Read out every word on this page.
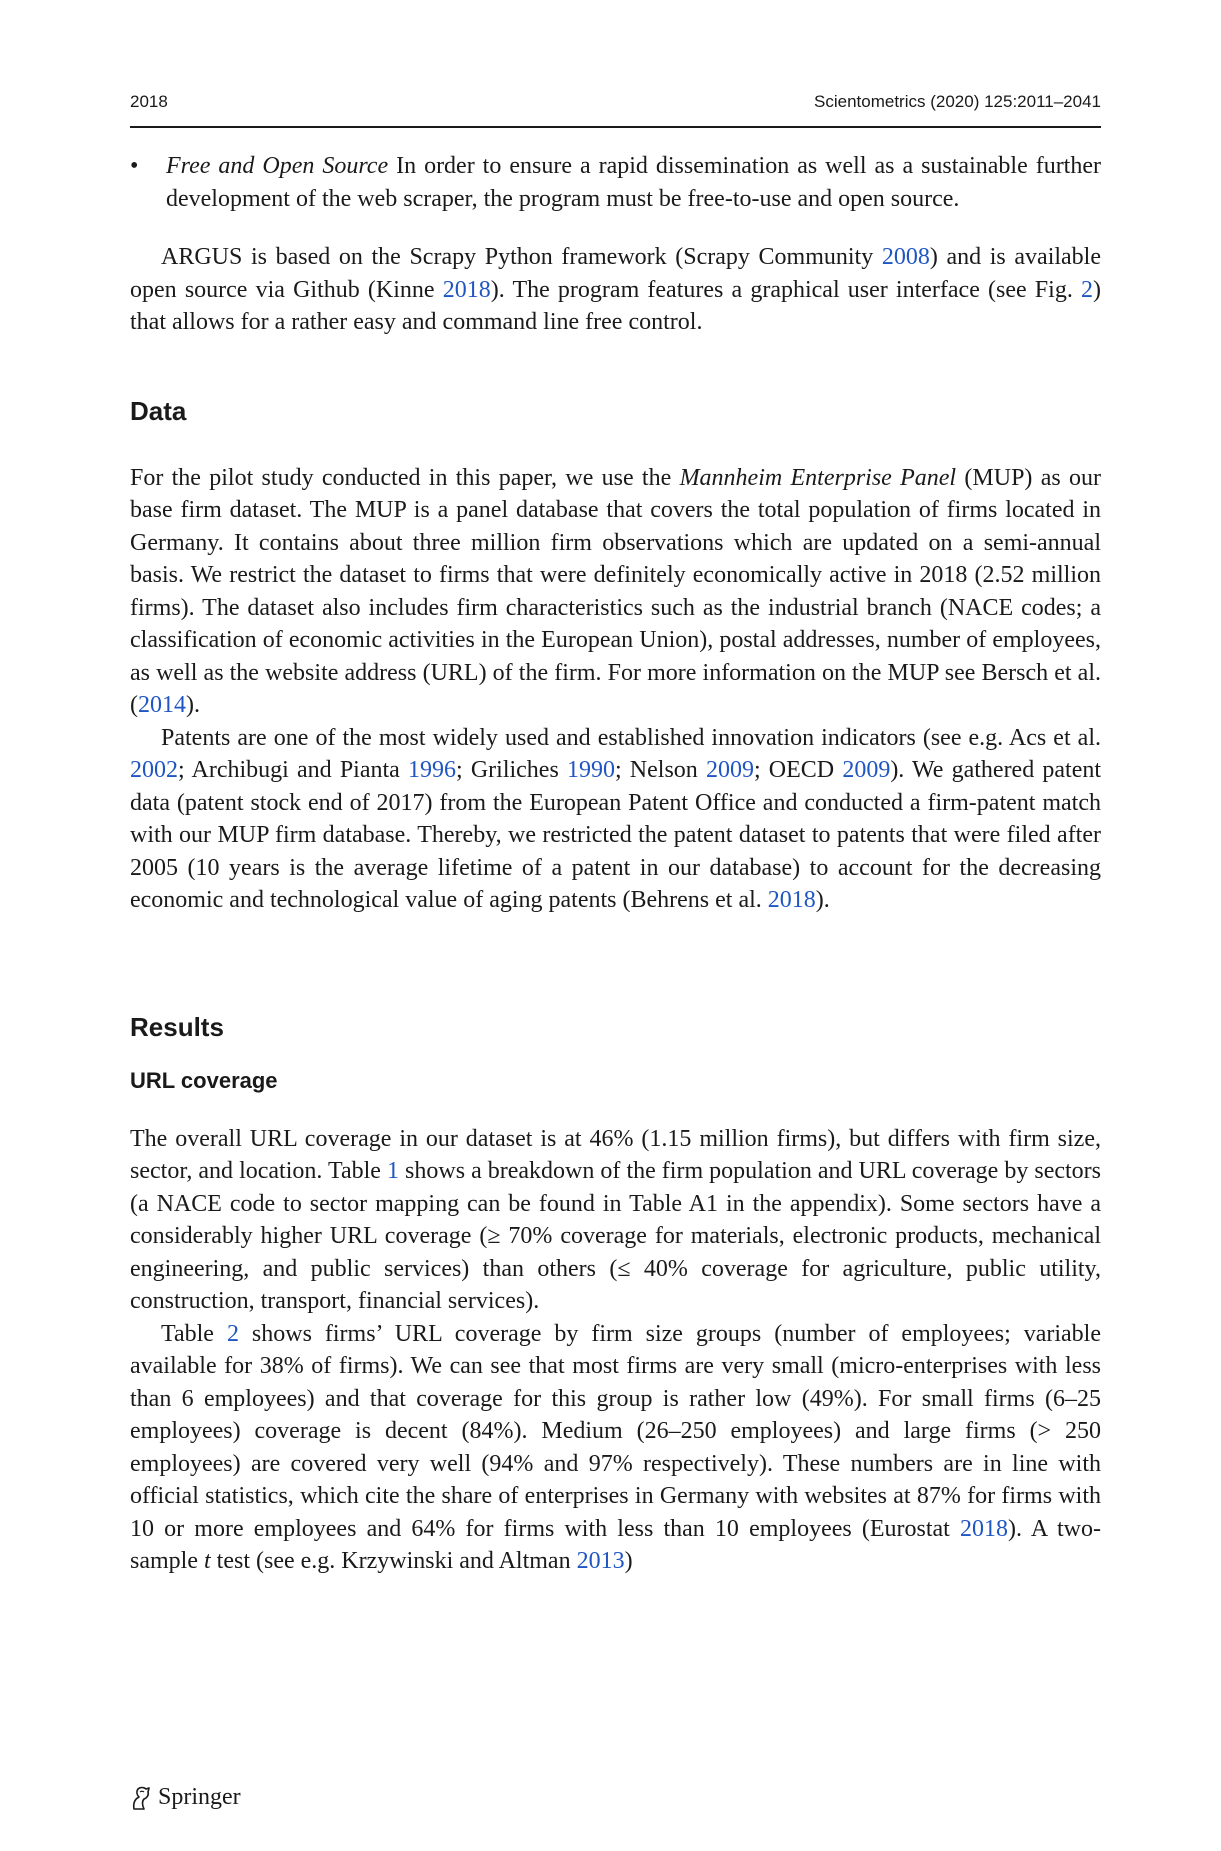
2018	Scientometrics (2020) 125:2011–2041

• Free and Open Source In order to ensure a rapid dissemination as well as a sustainable further development of the web scraper, the program must be free-to-use and open source.

ARGUS is based on the Scrapy Python framework (Scrapy Community 2008) and is available open source via Github (Kinne 2018). The program features a graphical user interface (see Fig. 2) that allows for a rather easy and command line free control.

Data

For the pilot study conducted in this paper, we use the Mannheim Enterprise Panel (MUP) as our base firm dataset. The MUP is a panel database that covers the total population of firms located in Germany. It contains about three million firm observations which are updated on a semi-annual basis. We restrict the dataset to firms that were definitely economically active in 2018 (2.52 million firms). The dataset also includes firm characteristics such as the industrial branch (NACE codes; a classification of economic activities in the European Union), postal addresses, number of employees, as well as the website address (URL) of the firm. For more information on the MUP see Bersch et al. (2014).

Patents are one of the most widely used and established innovation indicators (see e.g. Acs et al. 2002; Archibugi and Pianta 1996; Griliches 1990; Nelson 2009; OECD 2009). We gathered patent data (patent stock end of 2017) from the European Patent Office and conducted a firm-patent match with our MUP firm database. Thereby, we restricted the patent dataset to patents that were filed after 2005 (10 years is the average lifetime of a patent in our database) to account for the decreasing economic and technological value of aging patents (Behrens et al. 2018).

Results
URL coverage

The overall URL coverage in our dataset is at 46% (1.15 million firms), but differs with firm size, sector, and location. Table 1 shows a breakdown of the firm population and URL coverage by sectors (a NACE code to sector mapping can be found in Table A1 in the appendix). Some sectors have a considerably higher URL coverage (≥ 70% coverage for materials, electronic products, mechanical engineering, and public services) than others (≤ 40% coverage for agriculture, public utility, construction, transport, financial services).

Table 2 shows firms’ URL coverage by firm size groups (number of employees; variable available for 38% of firms). We can see that most firms are very small (micro-enterprises with less than 6 employees) and that coverage for this group is rather low (49%). For small firms (6–25 employees) coverage is decent (84%). Medium (26–250 employees) and large firms (> 250 employees) are covered very well (94% and 97% respectively). These numbers are in line with official statistics, which cite the share of enterprises in Germany with websites at 87% for firms with 10 or more employees and 64% for firms with less than 10 employees (Eurostat 2018). A two-sample t test (see e.g. Krzywinski and Altman 2013)

Springer
